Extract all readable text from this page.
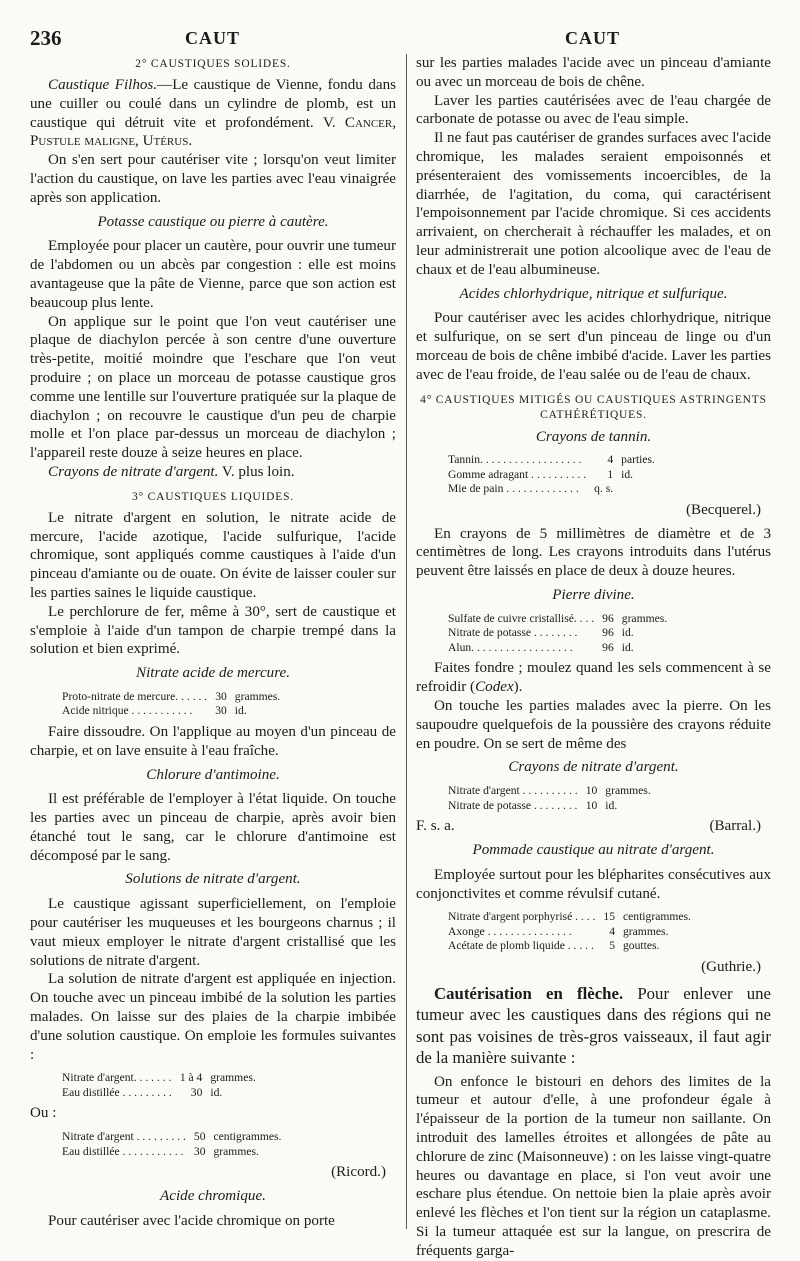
236	CAUT	CAUT
2° CAUSTIQUES SOLIDES.

Caustique Filhos.—Le caustique de Vienne, fondu dans une cuiller ou coulé dans un cylindre de plomb, est un caustique qui détruit vite et profondément. V. Cancer, Pustule maligne, Utérus.

On s'en sert pour cautériser vite ; lorsqu'on veut limiter l'action du caustique, on lave les parties avec l'eau vinaigrée après son application.

Potasse caustique ou pierre à cautère.

Employée pour placer un cautère, pour ouvrir une tumeur de l'abdomen ou un abcès par congestion : elle est moins avantageuse que la pâte de Vienne, parce que son action est beaucoup plus lente.

On applique sur le point que l'on veut cautériser une plaque de diachylon percée à son centre d'une ouverture très-petite, moitié moindre que l'eschare que l'on veut produire ; on place un morceau de potasse caustique gros comme une lentille sur l'ouverture pratiquée sur la plaque de diachylon ; on recouvre le caustique d'un peu de charpie molle et l'on place par-dessus un morceau de diachylon ; l'appareil reste douze à seize heures en place.

Crayons de nitrate d'argent. V. plus loin.

3° CAUSTIQUES LIQUIDES.

Le nitrate d'argent en solution, le nitrate acide de mercure, l'acide azotique, l'acide sulfurique, l'acide chromique, sont appliqués comme caustiques à l'aide d'un pinceau d'amiante ou de ouate. On évite de laisser couler sur les parties saines le liquide caustique.

Le perchlorure de fer, même à 30°, sert de caustique et s'emploie à l'aide d'un tampon de charpie trempé dans la solution et bien exprimé.

Nitrate acide de mercure.
Proto-nitrate de mercure. . . . . .	30	grammes.
Acide nitrique . . . . . . . . . . .	30	id.

Faire dissoudre. On l'applique au moyen d'un pinceau de charpie, et on lave ensuite à l'eau fraîche.

Chlorure d'antimoine.

Il est préférable de l'employer à l'état liquide. On touche les parties avec un pinceau de charpie, après avoir bien étanché tout le sang, car le chlorure d'antimoine est décomposé par le sang.

Solutions de nitrate d'argent.

Le caustique agissant superficiellement, on l'emploie pour cautériser les muqueuses et les bourgeons charnus ; il vaut mieux employer le nitrate d'argent cristallisé que les solutions de nitrate d'argent.

La solution de nitrate d'argent est appliquée en injection. On touche avec un pinceau imbibé de la solution les parties malades. On laisse sur des plaies de la charpie imbibée d'une solution caustique. On emploie les formules suivantes :

Nitrate d'argent. . . . . . .	1 à 4	grammes.
Eau distillée . . . . . . . . .	30	id.
Ou :
Nitrate d'argent . . . . . . . . .	50	centigrammes.
Eau distillée . . . . . . . . . . .	30	grammes.
(Ricord.)
Acide chromique.

Pour cautériser avec l'acide chromique on porte

sur les parties malades l'acide avec un pinceau d'amiante ou avec un morceau de bois de chêne.

Laver les parties cautérisées avec de l'eau chargée de carbonate de potasse ou avec de l'eau simple.

Il ne faut pas cautériser de grandes surfaces avec l'acide chromique, les malades seraient empoisonnés et présenteraient des vomissements incoercibles, de la diarrhée, de l'agitation, du coma, qui caractérisent l'empoisonnement par l'acide chromique. Si ces accidents arrivaient, on chercherait à réchauffer les malades, et on leur administrerait une potion alcoolique avec de l'eau de chaux et de l'eau albumineuse.

Acides chlorhydrique, nitrique et sulfurique.

Pour cautériser avec les acides chlorhydrique, nitrique et sulfurique, on se sert d'un pinceau de linge ou d'un morceau de bois de chêne imbibé d'acide. Laver les parties avec de l'eau froide, de l'eau salée ou de l'eau de chaux.

4° CAUSTIQUES MITIGÉS OU CAUSTIQUES ASTRINGENTS CATHÉRÉTIQUES.
Crayons de tannin.
Tannin. . . . . . . . . . . . . . . . . .	4	parties.
Gomme adragant . . . . . . . . . .	1	id.
Mie de pain . . . . . . . . . . . . .	q. s.	
(Becquerel.)

En crayons de 5 millimètres de diamètre et de 3 centimètres de long. Les crayons introduits dans l'utérus peuvent être laissés en place de deux à douze heures.

Pierre divine.
Sulfate de cuivre cristallisé. . . .	96	grammes.
Nitrate de potasse . . . . . . . .	96	id.
Alun. . . . . . . . . . . . . . . . . .	96	id.

Faites fondre ; moulez quand les sels commencent à se refroidir (Codex).

On touche les parties malades avec la pierre. On les saupoudre quelquefois de la poussière des crayons réduite en poudre. On se sert de même des

Crayons de nitrate d'argent.
Nitrate d'argent . . . . . . . . . .	10	grammes.
Nitrate de potasse . . . . . . . .	10	id.
F. s. a.	(Barral.)
Pommade caustique au nitrate d'argent.

Employée surtout pour les blépharites consécutives aux conjonctivites et comme révulsif cutané.

Nitrate d'argent porphyrisé . . . .	15	centigrammes.
Axonge . . . . . . . . . . . . . . .	4	grammes.
Acétate de plomb liquide . . . . .	5	gouttes.
(Guthrie.)

Cautérisation en flèche. Pour enlever une tumeur avec les caustiques dans des régions qui ne sont pas voisines de très-gros vaisseaux, il faut agir de la manière suivante :

On enfonce le bistouri en dehors des limites de la tumeur et autour d'elle, à une profondeur égale à l'épaisseur de la portion de la tumeur non saillante. On introduit des lamelles étroites et allongées de pâte au chlorure de zinc (Maisonneuve) : on les laisse vingt-quatre heures ou davantage en place, si l'on veut avoir une eschare plus étendue. On nettoie bien la plaie après avoir enlevé les flèches et l'on tient sur la région un cataplasme. Si la tumeur attaquée est sur la langue, on prescrira de fréquents garga-
